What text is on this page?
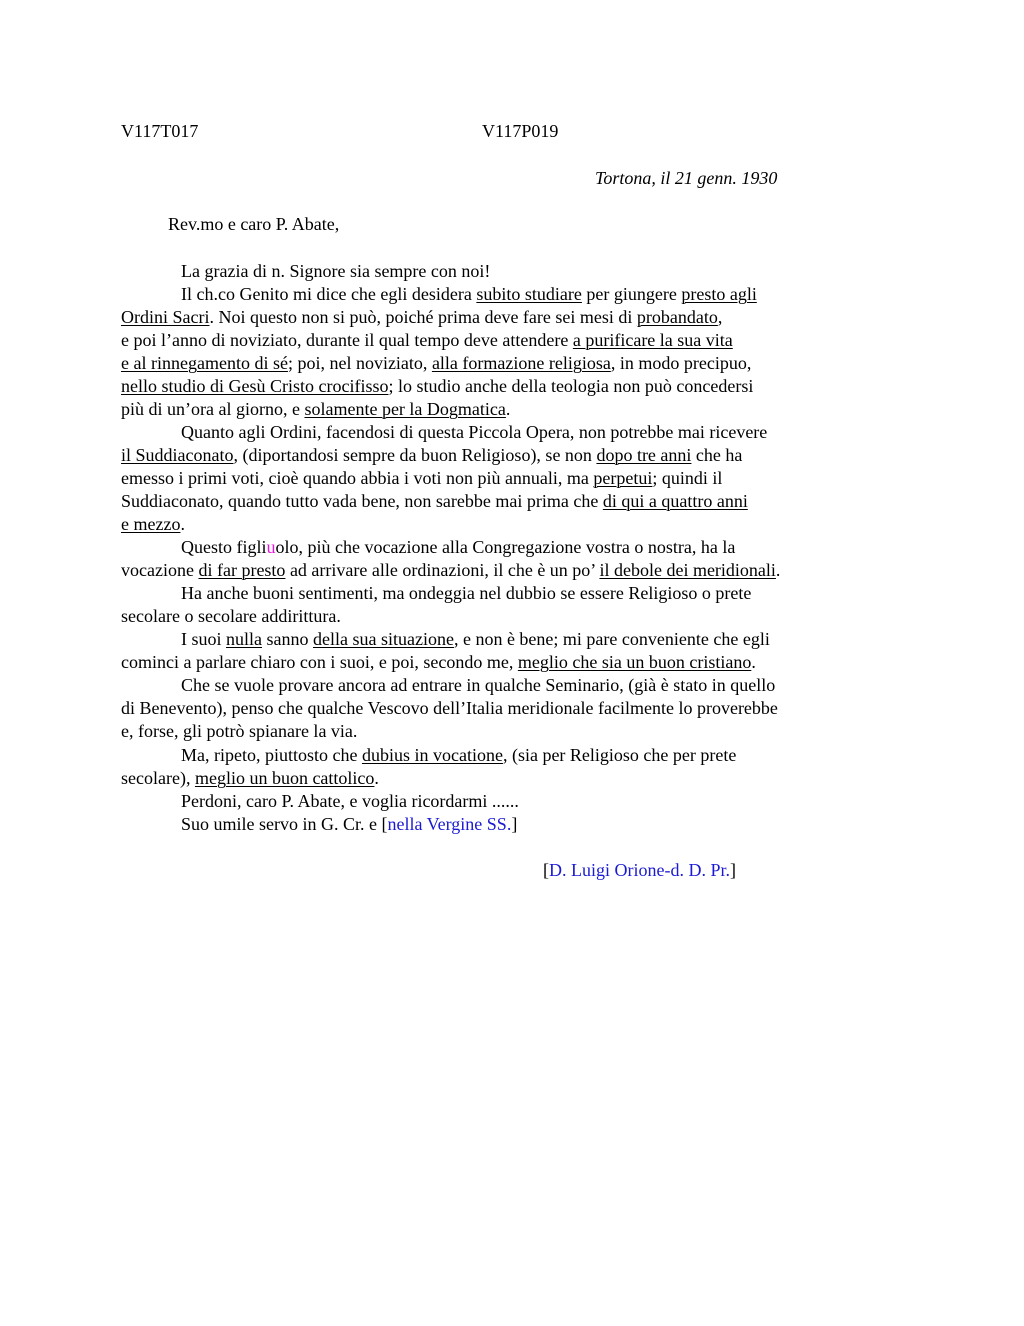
V117T017	V117P019
Tortona, il 21 genn. 1930
Rev.mo e caro P. Abate,
La grazia di n. Signore sia sempre con noi!
Il ch.co Genito mi dice che egli desidera subito studiare per giungere presto agli
Ordini Sacri. Noi questo non si può, poiché prima deve fare sei mesi di probandato,
e poi l’anno di noviziato, durante il qual tempo deve attendere a purificare la sua vita
e al rinnegamento di sé; poi, nel noviziato, alla formazione religiosa, in modo precipuo,
nello studio di Gesù Cristo crocifisso; lo studio anche della teologia non può concedersi
più di un’ora al giorno, e solamente per la Dogmatica.
Quanto agli Ordini, facendosi di questa Piccola Opera, non potrebbe mai ricevere
il Suddiaconato, (diportandosi sempre da buon Religioso), se non dopo tre anni che ha
emesso i primi voti, cioè quando abbia i voti non più annuali, ma perpetui; quindi il
Suddiaconato, quando tutto vada bene, non sarebbe mai prima che di qui a quattro anni
e mezzo.
Questo figliuolo, più che vocazione alla Congregazione vostra o nostra, ha la
vocazione di far presto ad arrivare alle ordinazioni, il che è un po’ il debole dei meridionali.
Ha anche buoni sentimenti, ma ondeggia nel dubbio se essere Religioso o prete
secolare o secolare addirittura.
I suoi nulla sanno della sua situazione, e non è bene; mi pare conveniente che egli
cominci a parlare chiaro con i suoi, e poi, secondo me, meglio che sia un buon cristiano.
Che se vuole provare ancora ad entrare in qualche Seminario, (già è stato in quello
di Benevento), penso che qualche Vescovo dell’Italia meridionale facilmente lo proverebbe
e, forse, gli potrò spianare la via.
Ma, ripeto, piuttosto che dubius in vocatione, (sia per Religioso che per prete
secolare), meglio un buon cattolico.
Perdoni, caro P. Abate, e voglia ricordarmi ......
Suo umile servo in G. Cr. e [nella Vergine SS.]
[D. Luigi Orione-d. D. Pr.]
